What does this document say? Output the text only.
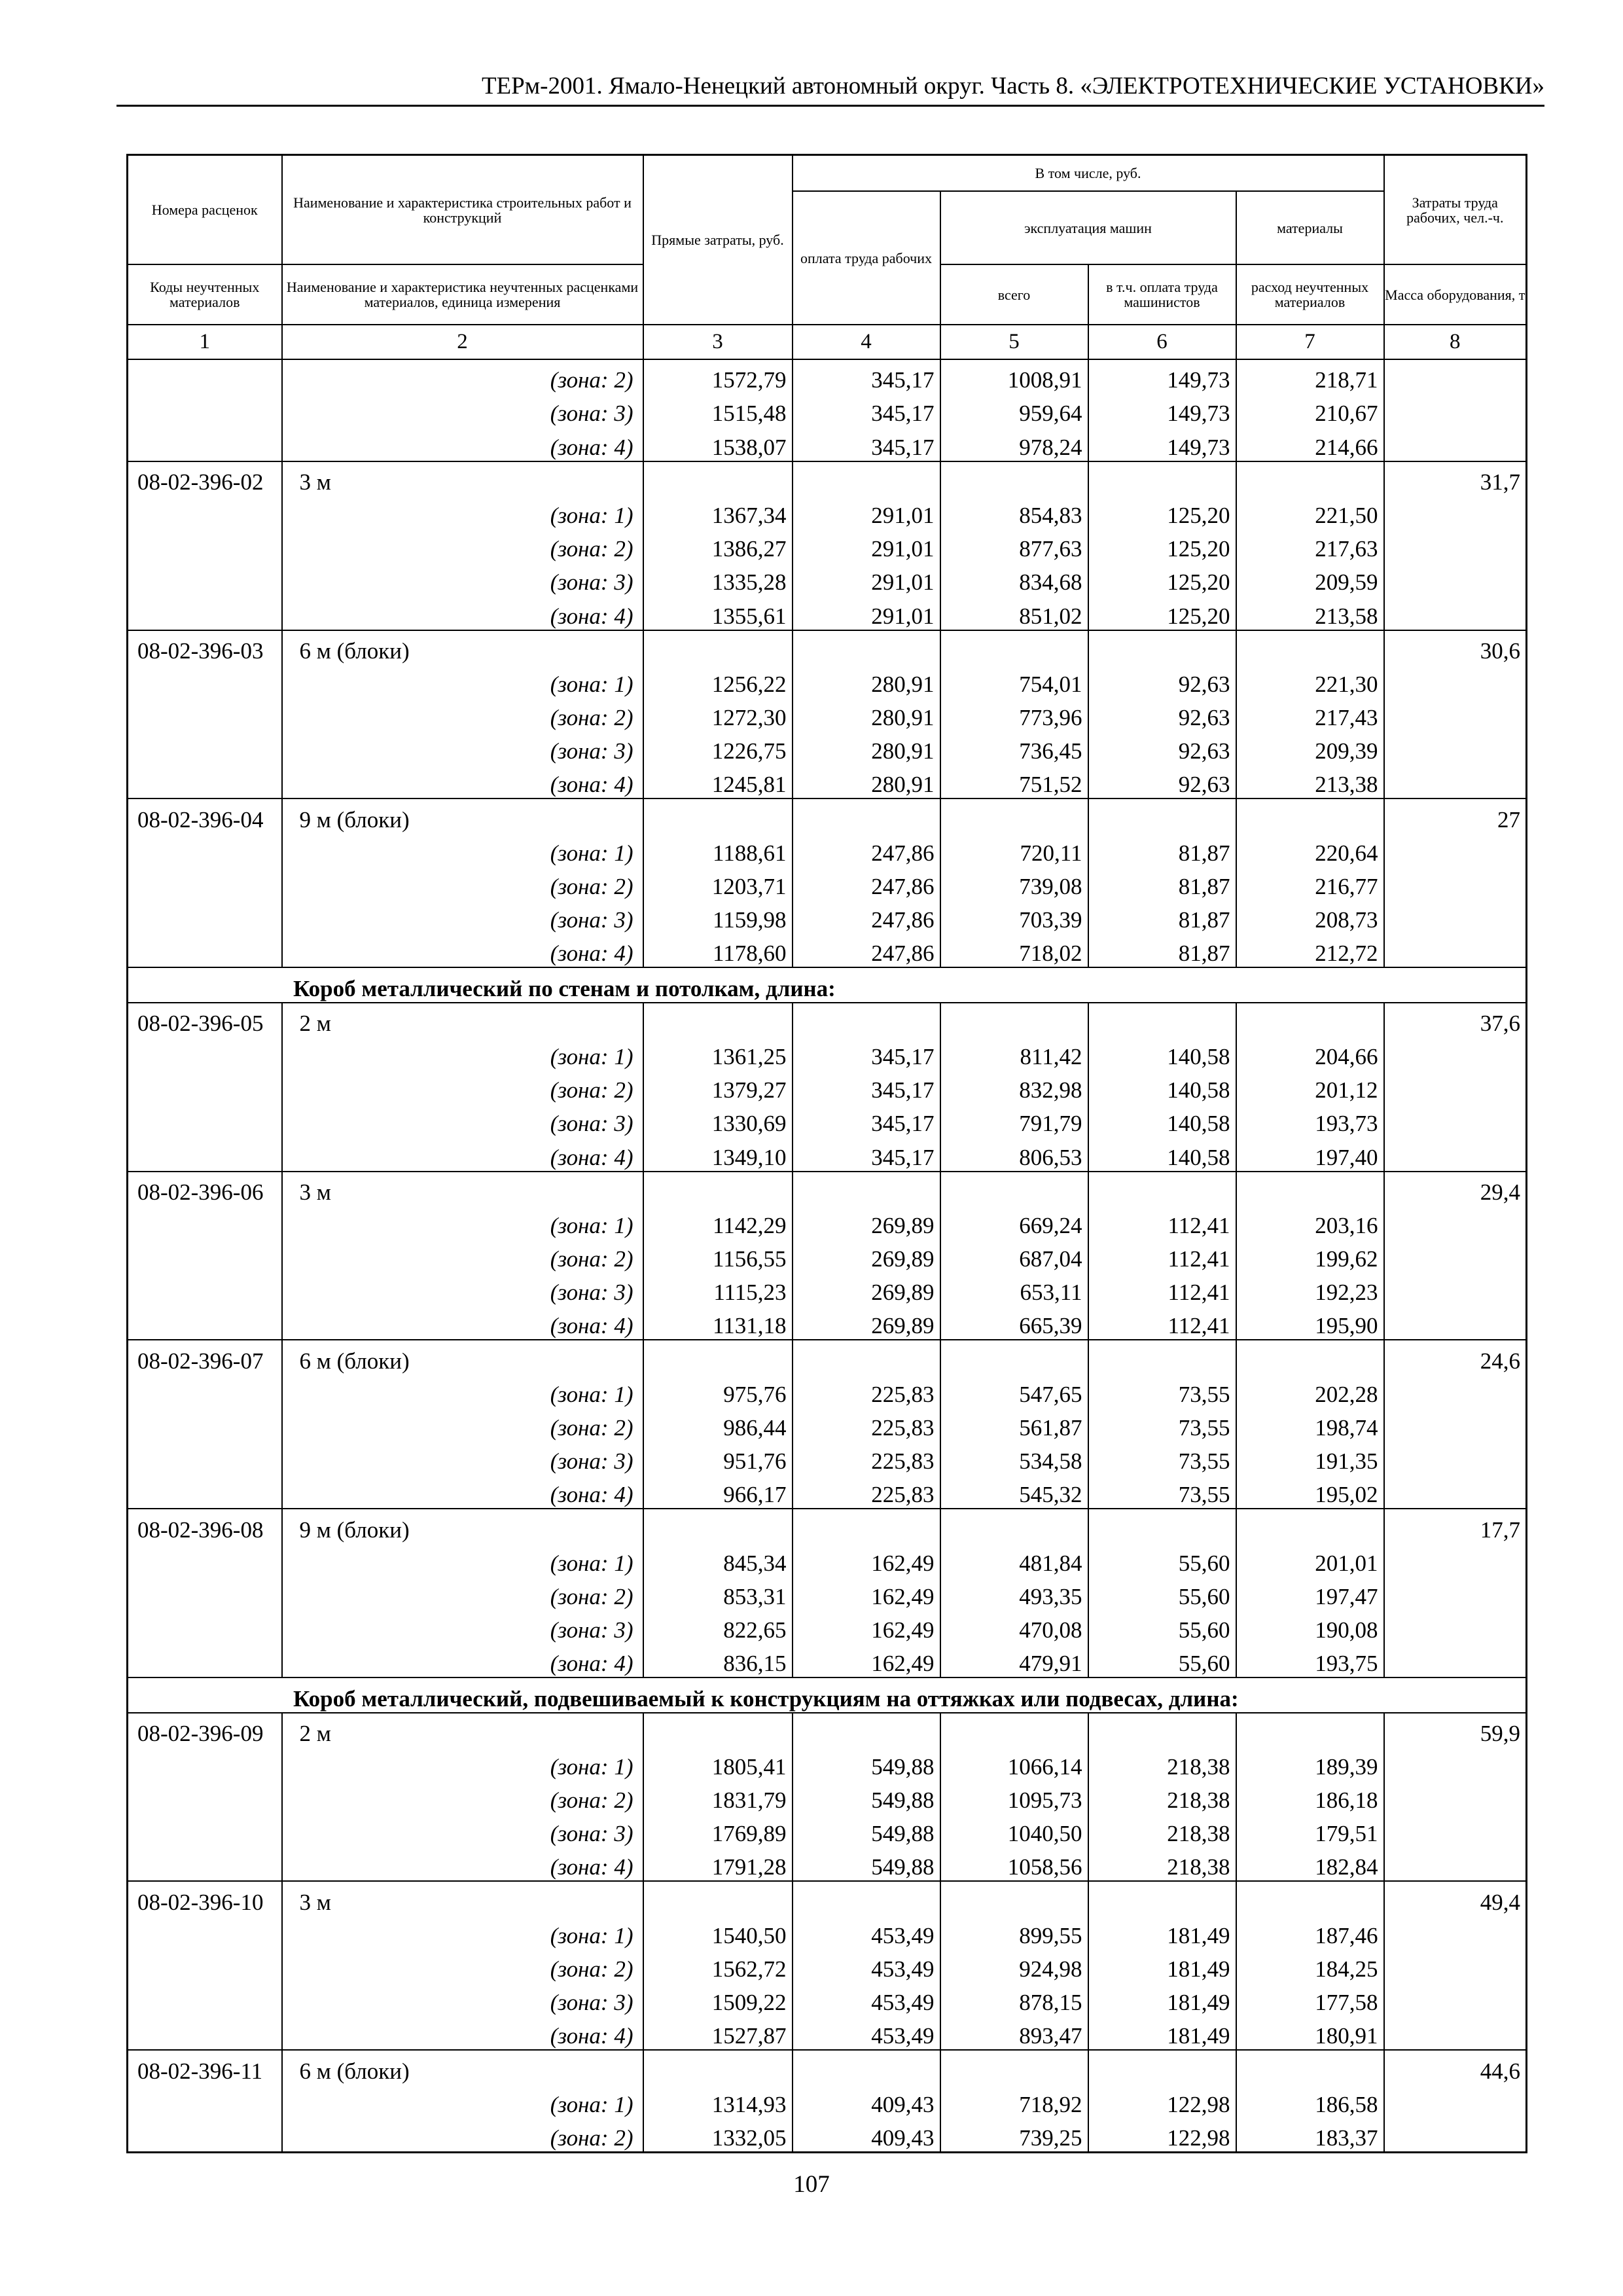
ТЕРм-2001. Ямало-Ненецкий автономный округ. Часть 8. «ЭЛЕКТРОТЕХНИЧЕСКИЕ УСТАНОВКИ»
Номера расценок	Наименование и характеристика строительных работ и конструкций	Прямые затраты, руб.	В том числе, руб.				Затраты труда рабочих, чел.-ч.
			оплата труда рабочих	эксплуатация машин		материалы	
Коды неучтенных материалов	Наименование и характеристика неучтенных расценками материалов, единица измерения			всего	в т.ч. оплата труда машинистов	расход неучтенных материалов	Масса оборудования, т
1	2	3	4	5	6	7	8
	(зона: 2)	1572,79	345,17	1008,91	149,73	218,71	
	(зона: 3)	1515,48	345,17	959,64	149,73	210,67	
	(зона: 4)	1538,07	345,17	978,24	149,73	214,66	
08-02-396-02	3 м						31,7
	(зона: 1)	1367,34	291,01	854,83	125,20	221,50	
	(зона: 2)	1386,27	291,01	877,63	125,20	217,63	
	(зона: 3)	1335,28	291,01	834,68	125,20	209,59	
	(зона: 4)	1355,61	291,01	851,02	125,20	213,58	
08-02-396-03	6 м (блоки)						30,6
	(зона: 1)	1256,22	280,91	754,01	92,63	221,30	
	(зона: 2)	1272,30	280,91	773,96	92,63	217,43	
	(зона: 3)	1226,75	280,91	736,45	92,63	209,39	
	(зона: 4)	1245,81	280,91	751,52	92,63	213,38	
08-02-396-04	9 м (блоки)						27
	(зона: 1)	1188,61	247,86	720,11	81,87	220,64	
	(зона: 2)	1203,71	247,86	739,08	81,87	216,77	
	(зона: 3)	1159,98	247,86	703,39	81,87	208,73	
	(зона: 4)	1178,60	247,86	718,02	81,87	212,72	
Короб металлический по стенам и потолкам, длина:							
08-02-396-05	2 м						37,6
	(зона: 1)	1361,25	345,17	811,42	140,58	204,66	
	(зона: 2)	1379,27	345,17	832,98	140,58	201,12	
	(зона: 3)	1330,69	345,17	791,79	140,58	193,73	
	(зона: 4)	1349,10	345,17	806,53	140,58	197,40	
08-02-396-06	3 м						29,4
	(зона: 1)	1142,29	269,89	669,24	112,41	203,16	
	(зона: 2)	1156,55	269,89	687,04	112,41	199,62	
	(зона: 3)	1115,23	269,89	653,11	112,41	192,23	
	(зона: 4)	1131,18	269,89	665,39	112,41	195,90	
08-02-396-07	6 м (блоки)						24,6
	(зона: 1)	975,76	225,83	547,65	73,55	202,28	
	(зона: 2)	986,44	225,83	561,87	73,55	198,74	
	(зона: 3)	951,76	225,83	534,58	73,55	191,35	
	(зона: 4)	966,17	225,83	545,32	73,55	195,02	
08-02-396-08	9 м (блоки)						17,7
	(зона: 1)	845,34	162,49	481,84	55,60	201,01	
	(зона: 2)	853,31	162,49	493,35	55,60	197,47	
	(зона: 3)	822,65	162,49	470,08	55,60	190,08	
	(зона: 4)	836,15	162,49	479,91	55,60	193,75	
Короб металлический, подвешиваемый к конструкциям на оттяжках или подвесах, длина:							
08-02-396-09	2 м						59,9
	(зона: 1)	1805,41	549,88	1066,14	218,38	189,39	
	(зона: 2)	1831,79	549,88	1095,73	218,38	186,18	
	(зона: 3)	1769,89	549,88	1040,50	218,38	179,51	
	(зона: 4)	1791,28	549,88	1058,56	218,38	182,84	
08-02-396-10	3 м						49,4
	(зона: 1)	1540,50	453,49	899,55	181,49	187,46	
	(зона: 2)	1562,72	453,49	924,98	181,49	184,25	
	(зона: 3)	1509,22	453,49	878,15	181,49	177,58	
	(зона: 4)	1527,87	453,49	893,47	181,49	180,91	
08-02-396-11	6 м (блоки)						44,6
	(зона: 1)	1314,93	409,43	718,92	122,98	186,58	
	(зона: 2)	1332,05	409,43	739,25	122,98	183,37	
107
